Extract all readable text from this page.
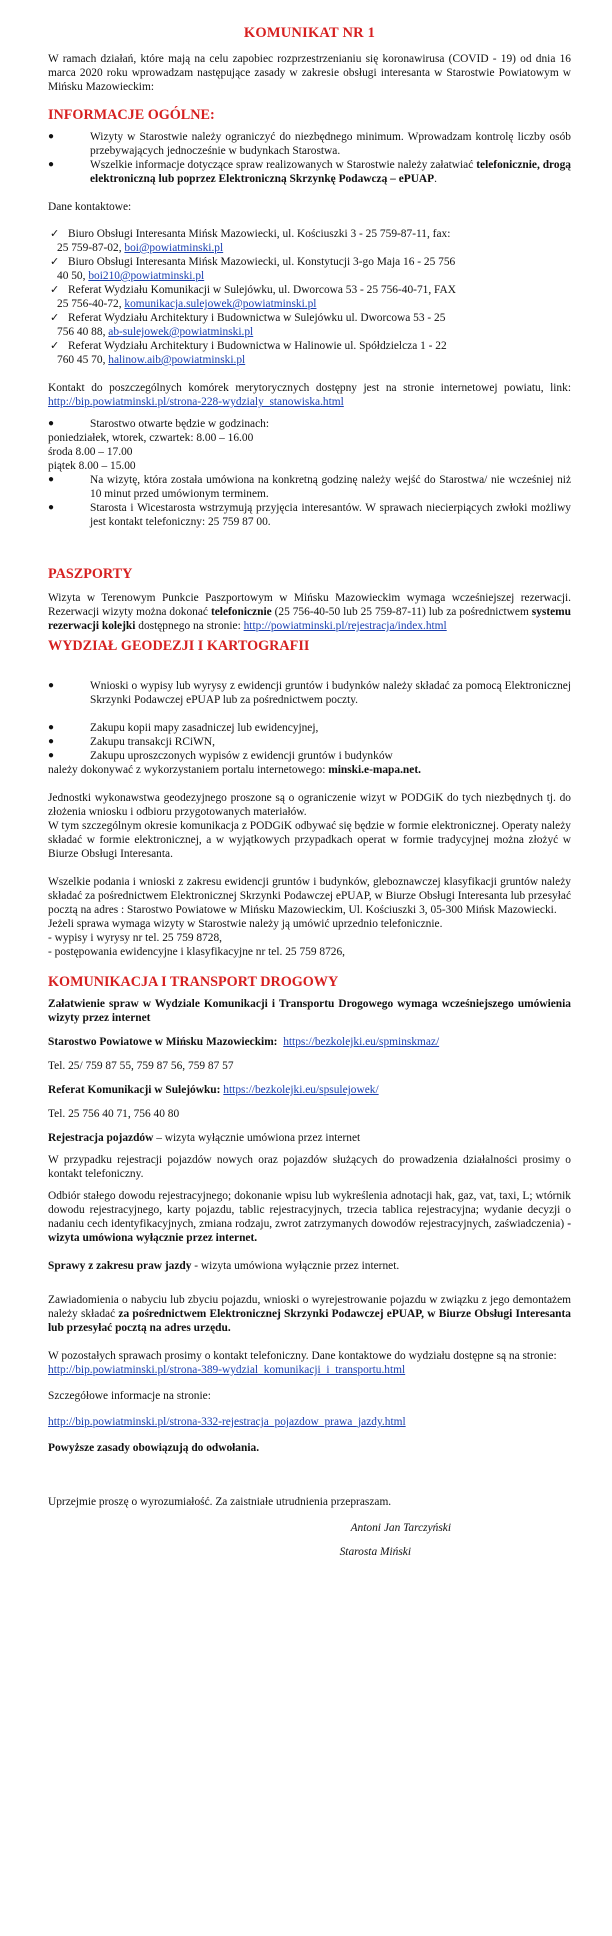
KOMUNIKAT NR 1

W ramach działań, które mają na celu zapobiec rozprzestrzenianiu się koronawirusa (COVID - 19) od dnia 16 marca 2020 roku wprowadzam następujące zasady w zakresie obsługi interesanta w Starostwie Powiatowym w Mińsku Mazowieckim:

INFORMACJE OGÓLNE:
●	Wizyty w Starostwie należy ograniczyć do niezbędnego minimum. Wprowadzam kontrolę liczby osób przebywających jednocześnie w budynkach Starostwa.
●	Wszelkie informacje dotyczące spraw realizowanych w Starostwie należy załatwiać telefonicznie, drogą elektroniczną lub poprzez Elektroniczną Skrzynkę Podawczą – ePUAP.
Dane kontaktowe:
✓ Biuro Obsługi Interesanta Mińsk Mazowiecki, ul. Kościuszki 3 - 25 759-87-11, fax:
25 759-87-02, boi@powiatminski.pl
✓ Biuro Obsługi Interesanta Mińsk Mazowiecki, ul. Konstytucji 3-go Maja 16 - 25 756
40 50, boi210@powiatminski.pl
✓ Referat Wydziału Komunikacji w Sulejówku, ul. Dworcowa 53 - 25 756-40-71, FAX
25 756-40-72, komunikacja.sulejowek@powiatminski.pl
✓ Referat Wydziału Architektury i Budownictwa w Sulejówku ul. Dworcowa 53 - 25
756 40 88, ab-sulejowek@powiatminski.pl
✓ Referat Wydziału Architektury i Budownictwa w Halinowie ul. Spółdzielcza 1 - 22
760 45 70, halinow.aib@powiatminski.pl

Kontakt do poszczególnych komórek merytorycznych dostępny jest na stronie internetowej powiatu, link: http://bip.powiatminski.pl/strona-228-wydzialy_stanowiska.html

●	Starostwo otwarte będzie w godzinach:
poniedziałek, wtorek, czwartek: 8.00 – 16.00
środa 8.00 – 17.00
piątek 8.00 – 15.00
●	Na wizytę, która została umówiona na konkretną godzinę należy wejść do Starostwa/ nie wcześniej niż 10 minut przed umówionym terminem.
●	Starosta i Wicestarosta wstrzymują przyjęcia interesantów. W sprawach niecierpiących zwłoki możliwy jest kontakt telefoniczny: 25 759 87 00.
PASZPORTY

Wizyta w Terenowym Punkcie Paszportowym w Mińsku Mazowieckim wymaga wcześniejszej rezerwacji. Rezerwacji wizyty można dokonać telefonicznie (25 756-40-50 lub 25 759-87-11) lub za pośrednictwem systemu rezerwacji kolejki dostępnego na stronie: http://powiatminski.pl/rejestracja/index.html

WYDZIAŁ GEODEZJI I KARTOGRAFII
●	Wnioski o wypisy lub wyrysy z ewidencji gruntów i budynków należy składać za pomocą Elektronicznej Skrzynki Podawczej ePUAP lub za pośrednictwem poczty.
●	Zakupu kopii mapy zasadniczej lub ewidencyjnej,
●	Zakupu transakcji RCiWN,
●	Zakupu uproszczonych wypisów z ewidencji gruntów i budynków
należy dokonywać z wykorzystaniem portalu internetowego: minski.e-mapa.net.

Jednostki wykonawstwa geodezyjnego proszone są o ograniczenie wizyt w PODGiK do tych niezbędnych tj. do złożenia wniosku i odbioru przygotowanych materiałów.

W tym szczególnym okresie komunikacja z PODGiK odbywać się będzie w formie elektronicznej. Operaty należy składać w formie elektronicznej, a w wyjątkowych przypadkach operat w formie tradycyjnej można złożyć w Biurze Obsługi Interesanta.

Wszelkie podania i wnioski z zakresu ewidencji gruntów i budynków, gleboznawczej klasyfikacji gruntów należy składać za pośrednictwem Elektronicznej Skrzynki Podawczej ePUAP, w Biurze Obsługi Interesanta lub przesyłać pocztą na adres : Starostwo Powiatowe w Mińsku Mazowieckim, Ul. Kościuszki 3, 05-300 Mińsk Mazowiecki.

Jeżeli sprawa wymaga wizyty w Starostwie należy ją umówić uprzednio telefonicznie.

- wypisy i wyrysy nr tel. 25 759 8728,
- postępowania ewidencyjne i klasyfikacyjne nr tel. 25 759 8726,
KOMUNIKACJA I TRANSPORT DROGOWY

Załatwienie spraw w Wydziale Komunikacji i Transportu Drogowego wymaga wcześniejszego umówienia wizyty przez internet

Starostwo Powiatowe w Mińsku Mazowieckim: https://bezkolejki.eu/spminskmaz/
Tel. 25/ 759 87 55, 759 87 56, 759 87 57
Referat Komunikacji w Sulejówku: https://bezkolejki.eu/spsulejowek/
Tel. 25 756 40 71, 756 40 80
Rejestracja pojazdów – wizyta wyłącznie umówiona przez internet

W przypadku rejestracji pojazdów nowych oraz pojazdów służących do prowadzenia działalności prosimy o kontakt telefoniczny.

Odbiór stałego dowodu rejestracyjnego; dokonanie wpisu lub wykreślenia adnotacji hak, gaz, vat, taxi, L; wtórnik dowodu rejestracyjnego, karty pojazdu, tablic rejestracyjnych, trzecia tablica rejestracyjna; wydanie decyzji o nadaniu cech identyfikacyjnych, zmiana rodzaju, zwrot zatrzymanych dowodów rejestracyjnych, zaświadczenia) - wizyta umówiona wyłącznie przez internet.

Sprawy z zakresu praw jazdy - wizyta umówiona wyłącznie przez internet.

Zawiadomienia o nabyciu lub zbyciu pojazdu, wnioski o wyrejestrowanie pojazdu w związku z jego demontażem należy składać za pośrednictwem Elektronicznej Skrzynki Podawczej ePUAP, w Biurze Obsługi Interesanta lub przesyłać pocztą na adres urzędu.

W pozostałych sprawach prosimy o kontakt telefoniczny. Dane kontaktowe do wydziału dostępne są na stronie:

http://bip.powiatminski.pl/strona-389-wydzial_komunikacji_i_transportu.html
Szczegółowe informacje na stronie:
http://bip.powiatminski.pl/strona-332-rejestracja_pojazdow_prawa_jazdy.html
Powyższe zasady obowiązują do odwołania.
Uprzejmie proszę o wyrozumiałość. Za zaistniałe utrudnienia przepraszam.
Antoni Jan Tarczyński
Starosta Miński
